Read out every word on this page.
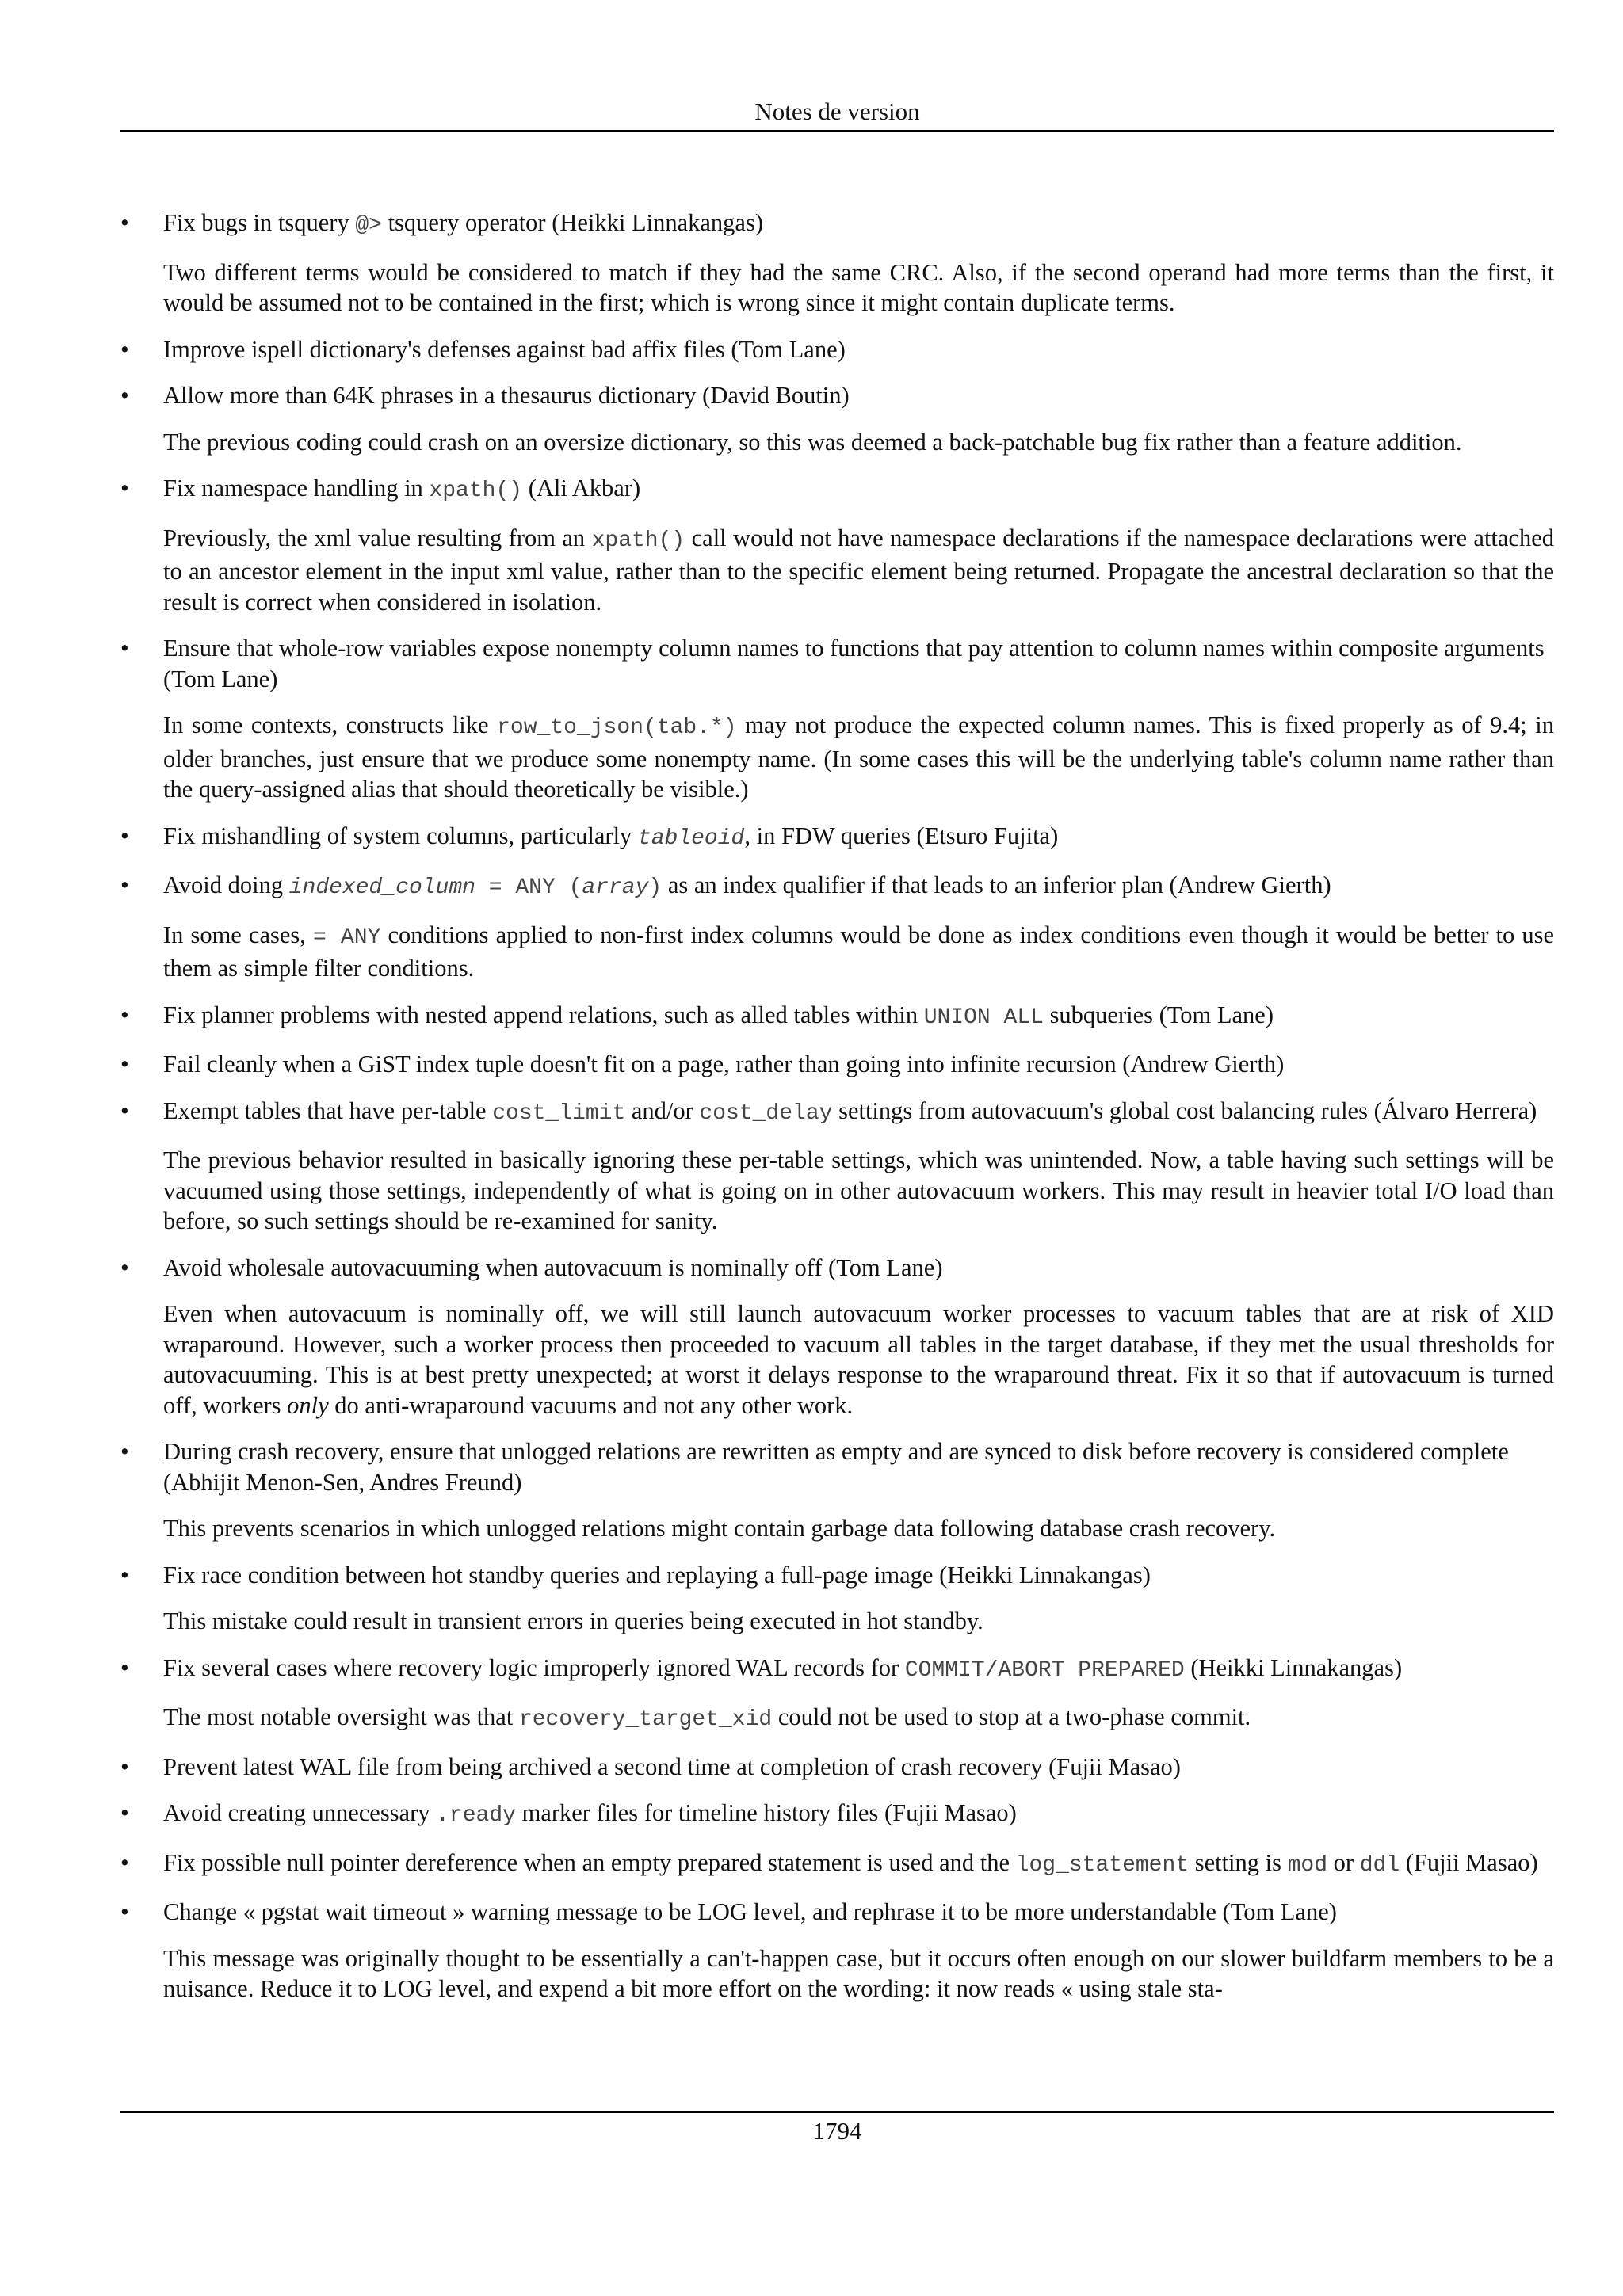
Notes de version
• Fix bugs in tsquery @> tsquery operator (Heikki Linnakangas)

Two different terms would be considered to match if they had the same CRC. Also, if the second operand had more terms than the first, it would be assumed not to be contained in the first; which is wrong since it might contain duplicate terms.

• Improve ispell dictionary's defenses against bad affix files (Tom Lane)

• Allow more than 64K phrases in a thesaurus dictionary (David Boutin)

The previous coding could crash on an oversize dictionary, so this was deemed a back-patchable bug fix rather than a feature addition.

• Fix namespace handling in xpath() (Ali Akbar)

Previously, the xml value resulting from an xpath() call would not have namespace declarations if the namespace declarations were attached to an ancestor element in the input xml value, rather than to the specific element being returned. Propagate the ancestral declaration so that the result is correct when considered in isolation.

• Ensure that whole-row variables expose nonempty column names to functions that pay attention to column names within composite arguments (Tom Lane)

In some contexts, constructs like row_to_json(tab.*) may not produce the expected column names. This is fixed properly as of 9.4; in older branches, just ensure that we produce some nonempty name. (In some cases this will be the underlying table's column name rather than the query-assigned alias that should theoretically be visible.)

• Fix mishandling of system columns, particularly tableoid, in FDW queries (Etsuro Fujita)

• Avoid doing indexed_column = ANY (array) as an index qualifier if that leads to an inferior plan (Andrew Gierth)

In some cases, = ANY conditions applied to non-first index columns would be done as index conditions even though it would be better to use them as simple filter conditions.

• Fix planner problems with nested append relations, such as alled tables within UNION ALL subqueries (Tom Lane)

• Fail cleanly when a GiST index tuple doesn't fit on a page, rather than going into infinite recursion (Andrew Gierth)

• Exempt tables that have per-table cost_limit and/or cost_delay settings from autovacuum's global cost balancing rules (Álvaro Herrera)

The previous behavior resulted in basically ignoring these per-table settings, which was unintended. Now, a table having such settings will be vacuumed using those settings, independently of what is going on in other autovacuum workers. This may result in heavier total I/O load than before, so such settings should be re-examined for sanity.

• Avoid wholesale autovacuuming when autovacuum is nominally off (Tom Lane)

Even when autovacuum is nominally off, we will still launch autovacuum worker processes to vacuum tables that are at risk of XID wraparound. However, such a worker process then proceeded to vacuum all tables in the target database, if they met the usual thresholds for autovacuuming. This is at best pretty unexpected; at worst it delays response to the wraparound threat. Fix it so that if autovacuum is turned off, workers only do anti-wraparound vacuums and not any other work.

• During crash recovery, ensure that unlogged relations are rewritten as empty and are synced to disk before recovery is considered complete (Abhijit Menon-Sen, Andres Freund)

This prevents scenarios in which unlogged relations might contain garbage data following database crash recovery.

• Fix race condition between hot standby queries and replaying a full-page image (Heikki Linnakangas)

This mistake could result in transient errors in queries being executed in hot standby.

• Fix several cases where recovery logic improperly ignored WAL records for COMMIT/ABORT PREPARED (Heikki Linnakangas)

The most notable oversight was that recovery_target_xid could not be used to stop at a two-phase commit.

• Prevent latest WAL file from being archived a second time at completion of crash recovery (Fujii Masao)

• Avoid creating unnecessary .ready marker files for timeline history files (Fujii Masao)

• Fix possible null pointer dereference when an empty prepared statement is used and the log_statement setting is mod or ddl (Fujii Masao)

• Change « pgstat wait timeout » warning message to be LOG level, and rephrase it to be more understandable (Tom Lane)

This message was originally thought to be essentially a can't-happen case, but it occurs often enough on our slower buildfarm members to be a nuisance. Reduce it to LOG level, and expend a bit more effort on the wording: it now reads « using stale sta-

1794
